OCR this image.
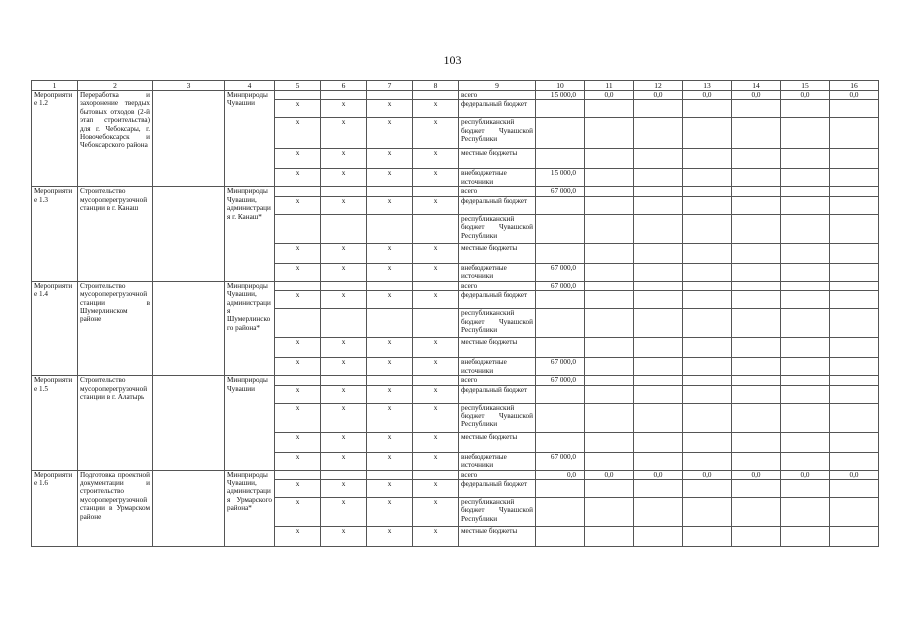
103
1	2	3	4	5	6	7	8	9	10	11	12	13	14	15	16
Мероприятие 1.2	Переработка и захоронение твердых бытовых отходов (2-й этап строительства) для г. Чебоксары, г. Новочебоксарск и Чебоксарского района		Минприроды Чувашии					всего	15 000,0	0,0	0,0	0,0	0,0	0,0	0,0
				х	х	х	х	федеральный бюджет							
				х	х	х	х	республиканский бюджет Чувашской Республики							
				х	х	х	х	местные бюджеты							
				х	х	х	х	внебюджетные источники	15 000,0						
Мероприятие 1.3	Строительство мусороперегрузочной станции в г. Канаш		Минприроды Чувашии, администрация г. Канаш*					всего	67 000,0						
				х	х	х	х	федеральный бюджет							
								республиканский бюджет Чувашской Республики							
				х	х	х	х	местные бюджеты							
				х	х	х	х	внебюджетные источники	67 000,0						
Мероприятие 1.4	Строительство мусороперегрузочной станции в Шумерлинском районе		Минприроды Чувашии, администрация Шумерлинского района*					всего	67 000,0						
				х	х	х	х	федеральный бюджет							
								республиканский бюджет Чувашской Республики							
				х	х	х	х	местные бюджеты							
				х	х	х	х	внебюджетные источники	67 000,0						
Мероприятие 1.5	Строительство мусороперегрузочной станции в г. Алатырь		Минприроды Чувашии					всего	67 000,0						
				х	х	х	х	федеральный бюджет							
				х	х	х	х	республиканский бюджет Чувашской Республики							
				х	х	х	х	местные бюджеты							
				х	х	х	х	внебюджетные источники	67 000,0						
Мероприятие 1.6	Подготовка проектной документации и строительство мусороперегрузочной станции в Урмарском районе		Минприроды Чувашии, администрация Урмарского района*					всего	0,0	0,0	0,0	0,0	0,0	0,0	0,0
				х	х	х	х	федеральный бюджет							
				х	х	х	х	республиканский бюджет Чувашской Республики							
				х	х	х	х	местные бюджеты							
